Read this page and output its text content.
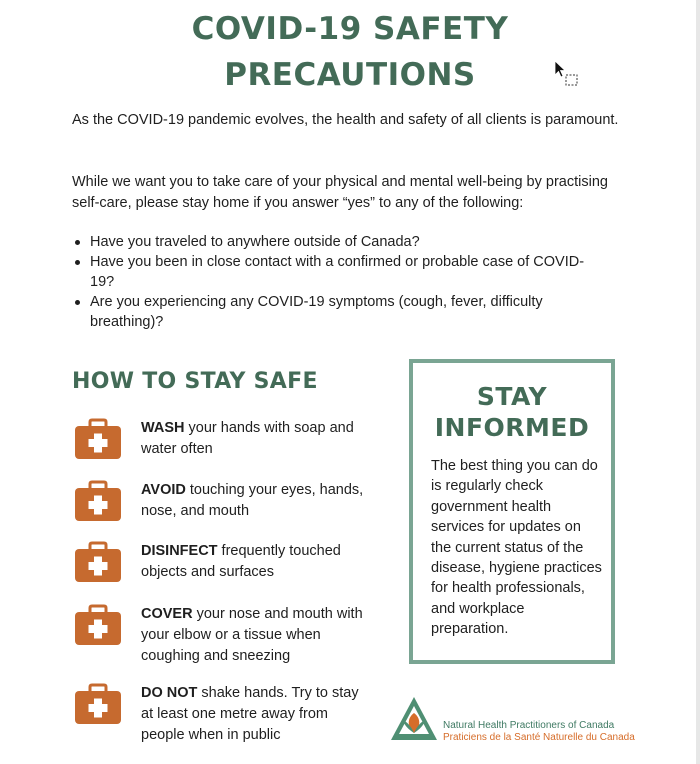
COVID-19 SAFETY
PRECAUTIONS

As the COVID-19 pandemic evolves, the health and safety of all clients is paramount.

While we want you to take care of your physical and mental well-being by practising self-care, please stay home if you answer “yes” to any of the following:

Have you traveled to anywhere outside of Canada?
Have you been in close contact with a confirmed or probable case of COVID-19?
Are you experiencing any COVID-19 symptoms (cough, fever, difficulty breathing)?
HOW TO STAY SAFE

WASH your hands with soap and water often

AVOID touching your eyes, hands, nose, and mouth

DISINFECT frequently touched objects and surfaces

COVER your nose and mouth with your elbow or a tissue when coughing and sneezing

DO NOT shake hands. Try to stay at least one metre away from people when in public

STAY
INFORMED

The best thing you can do is regularly check government health services for updates on the current status of the disease, hygiene practices for health professionals, and workplace preparation.

Natural Health Practitioners of Canada
Praticiens de la Santé Naturelle du Canada
